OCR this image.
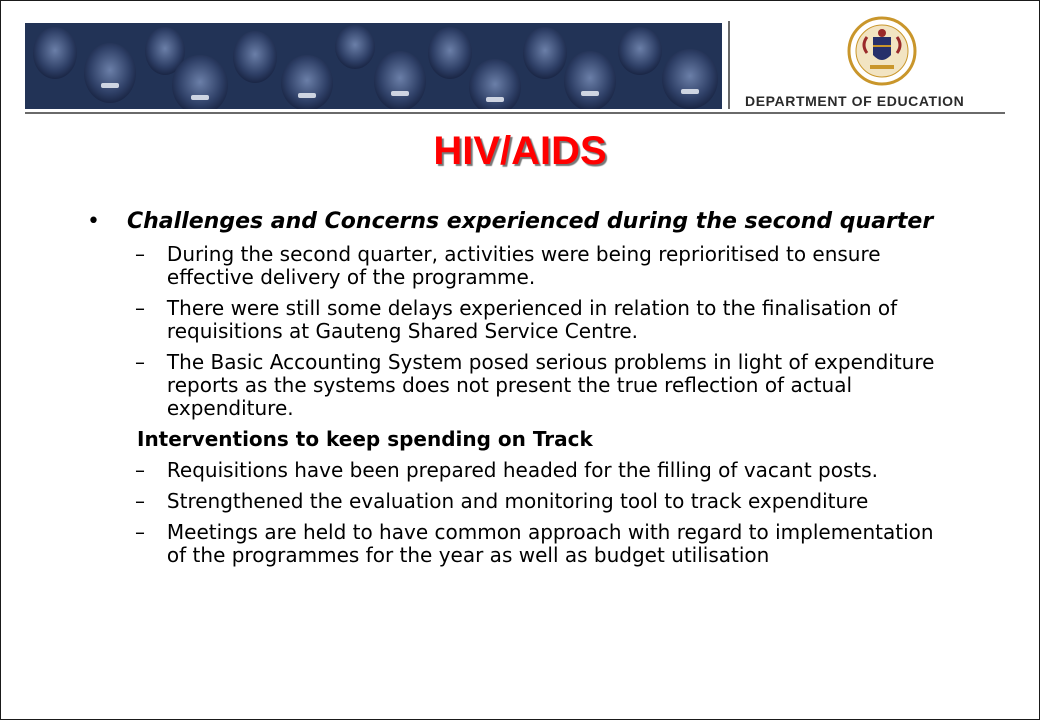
DEPARTMENT OF EDUCATION
HIV/AIDS
•	Challenges and Concerns experienced during the second quarter

–	During the second quarter, activities were being reprioritised to ensure effective delivery of the programme.
–	There were still some delays experienced in relation to the finalisation of requisitions at Gauteng Shared Service Centre.
–	The Basic Accounting System posed serious problems in light of expenditure reports as the systems does not present the true reflection of actual expenditure.
Interventions to keep spending on Track
–	Requisitions have been prepared headed for the filling of vacant posts.
–	Strengthened the evaluation and monitoring tool to track expenditure
–	Meetings are held to have common approach with regard to implementation of the programmes for the year as well as budget utilisation
